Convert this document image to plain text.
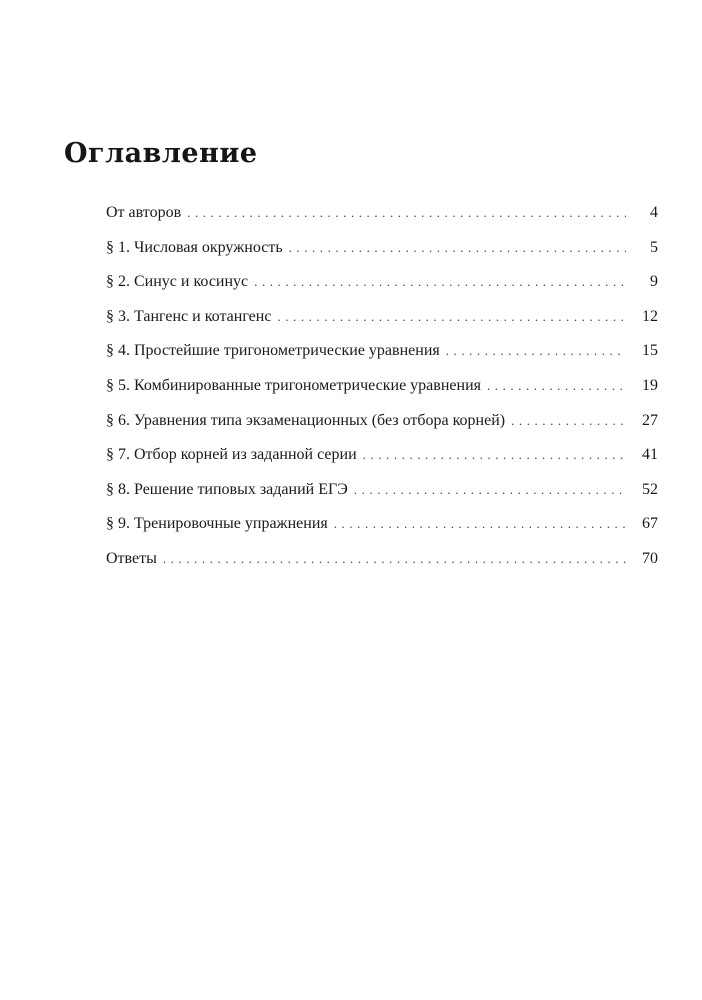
Оглавление
От авторов . . .	4
§ 1. Числовая окружность . . .	5
§ 2. Синус и косинус . . .	9
§ 3. Тангенс и котангенс . . .	12
§ 4. Простейшие тригонометрические уравнения . . .	15
§ 5. Комбинированные тригонометрические уравнения . . .	19
§ 6. Уравнения типа экзаменационных (без отбора корней) . . .	27
§ 7. Отбор корней из заданной серии . . .	41
§ 8. Решение типовых заданий ЕГЭ . . .	52
§ 9. Тренировочные упражнения . . .	67
Ответы . . .	70
